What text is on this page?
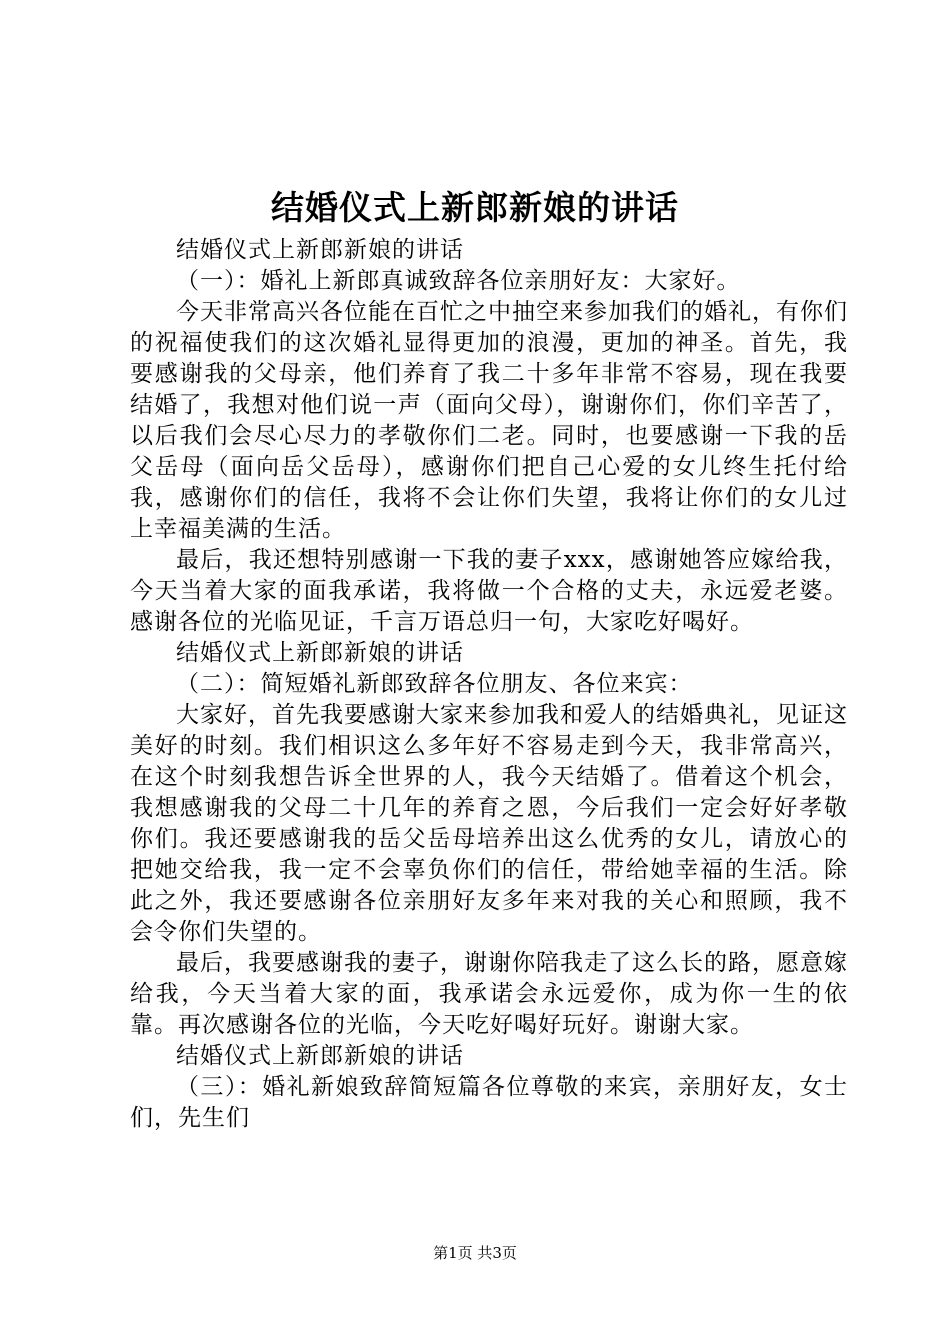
结婚仪式上新郎新娘的讲话

结婚仪式上新郎新娘的讲话

（一）：婚礼上新郎真诚致辞各位亲朋好友：大家好。

今天非常高兴各位能在百忙之中抽空来参加我们的婚礼，有你们的祝福使我们的这次婚礼显得更加的浪漫，更加的神圣。首先，我要感谢我的父母亲，他们养育了我二十多年非常不容易，现在我要结婚了，我想对他们说一声（面向父母），谢谢你们，你们辛苦了，以后我们会尽心尽力的孝敬你们二老。同时，也要感谢一下我的岳父岳母（面向岳父岳母），感谢你们把自己心爱的女儿终生托付给我，感谢你们的信任，我将不会让你们失望，我将让你们的女儿过上幸福美满的生活。

最后，我还想特别感谢一下我的妻子xxx，感谢她答应嫁给我，今天当着大家的面我承诺，我将做一个合格的丈夫，永远爱老婆。感谢各位的光临见证，千言万语总归一句，大家吃好喝好。

结婚仪式上新郎新娘的讲话

（二）：简短婚礼新郎致辞各位朋友、各位来宾：

大家好，首先我要感谢大家来参加我和爱人的结婚典礼，见证这美好的时刻。我们相识这么多年好不容易走到今天，我非常高兴，在这个时刻我想告诉全世界的人，我今天结婚了。借着这个机会，我想感谢我的父母二十几年的养育之恩，今后我们一定会好好孝敬你们。我还要感谢我的岳父岳母培养出这么优秀的女儿，请放心的把她交给我，我一定不会辜负你们的信任，带给她幸福的生活。除此之外，我还要感谢各位亲朋好友多年来对我的关心和照顾，我不会令你们失望的。

最后，我要感谢我的妻子，谢谢你陪我走了这么长的路，愿意嫁给我，今天当着大家的面，我承诺会永远爱你，成为你一生的依靠。再次感谢各位的光临，今天吃好喝好玩好。谢谢大家。

结婚仪式上新郎新娘的讲话

（三）：婚礼新娘致辞简短篇各位尊敬的来宾，亲朋好友，女士们，先生们

第1页 共3页
